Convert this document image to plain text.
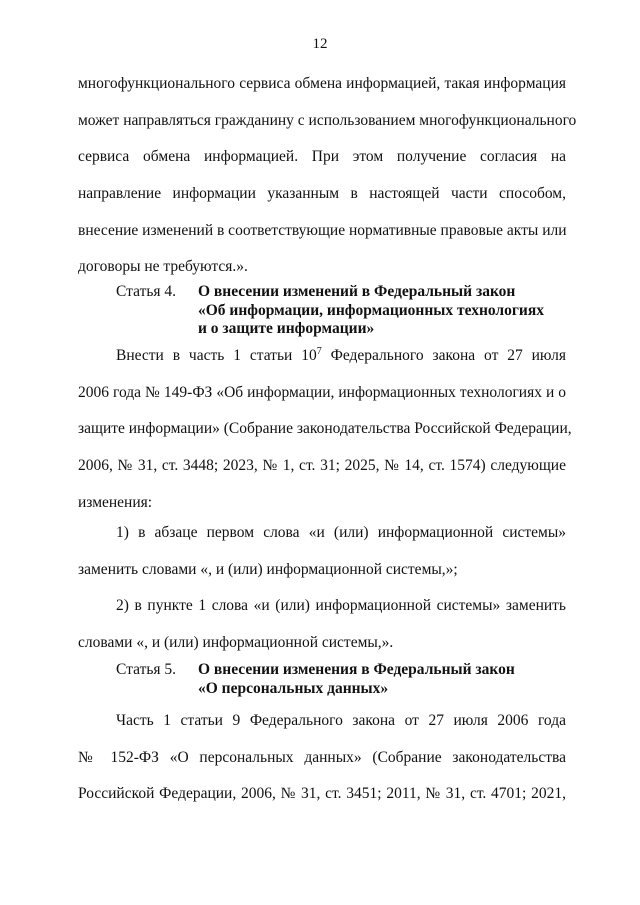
12
многофункционального сервиса обмена информацией, такая информация
может направляться гражданину с использованием многофункционального
сервиса обмена информацией. При этом получение согласия на
направление информации указанным в настоящей части способом,
внесение изменений в соответствующие нормативные правовые акты или
договоры не требуются.».
Статья 4. О внесении изменений в Федеральный закон
«Об информации, информационных технологиях
и о защите информации»
Внести в часть 1 статьи $10^7$ Федерального закона от 27 июля
2006 года № 149-ФЗ «Об информации, информационных технологиях и о
защите информации» (Собрание законодательства Российской Федерации,
2006, № 31, ст. 3448; 2023, № 1, ст. 31; 2025, № 14, ст. 1574) следующие
изменения:
1) в абзаце первом слова «и (или) информационной системы»
заменить словами «, и (или) информационной системы,»;
2) в пункте 1 слова «и (или) информационной системы» заменить
словами «, и (или) информационной системы,».
Статья 5. О внесении изменения в Федеральный закон
«О персональных данных»
Часть 1 статьи 9 Федерального закона от 27 июля 2006 года
№ 152-ФЗ «О персональных данных» (Собрание законодательства
Российской Федерации, 2006, № 31, ст. 3451; 2011, № 31, ст. 4701; 2021,
